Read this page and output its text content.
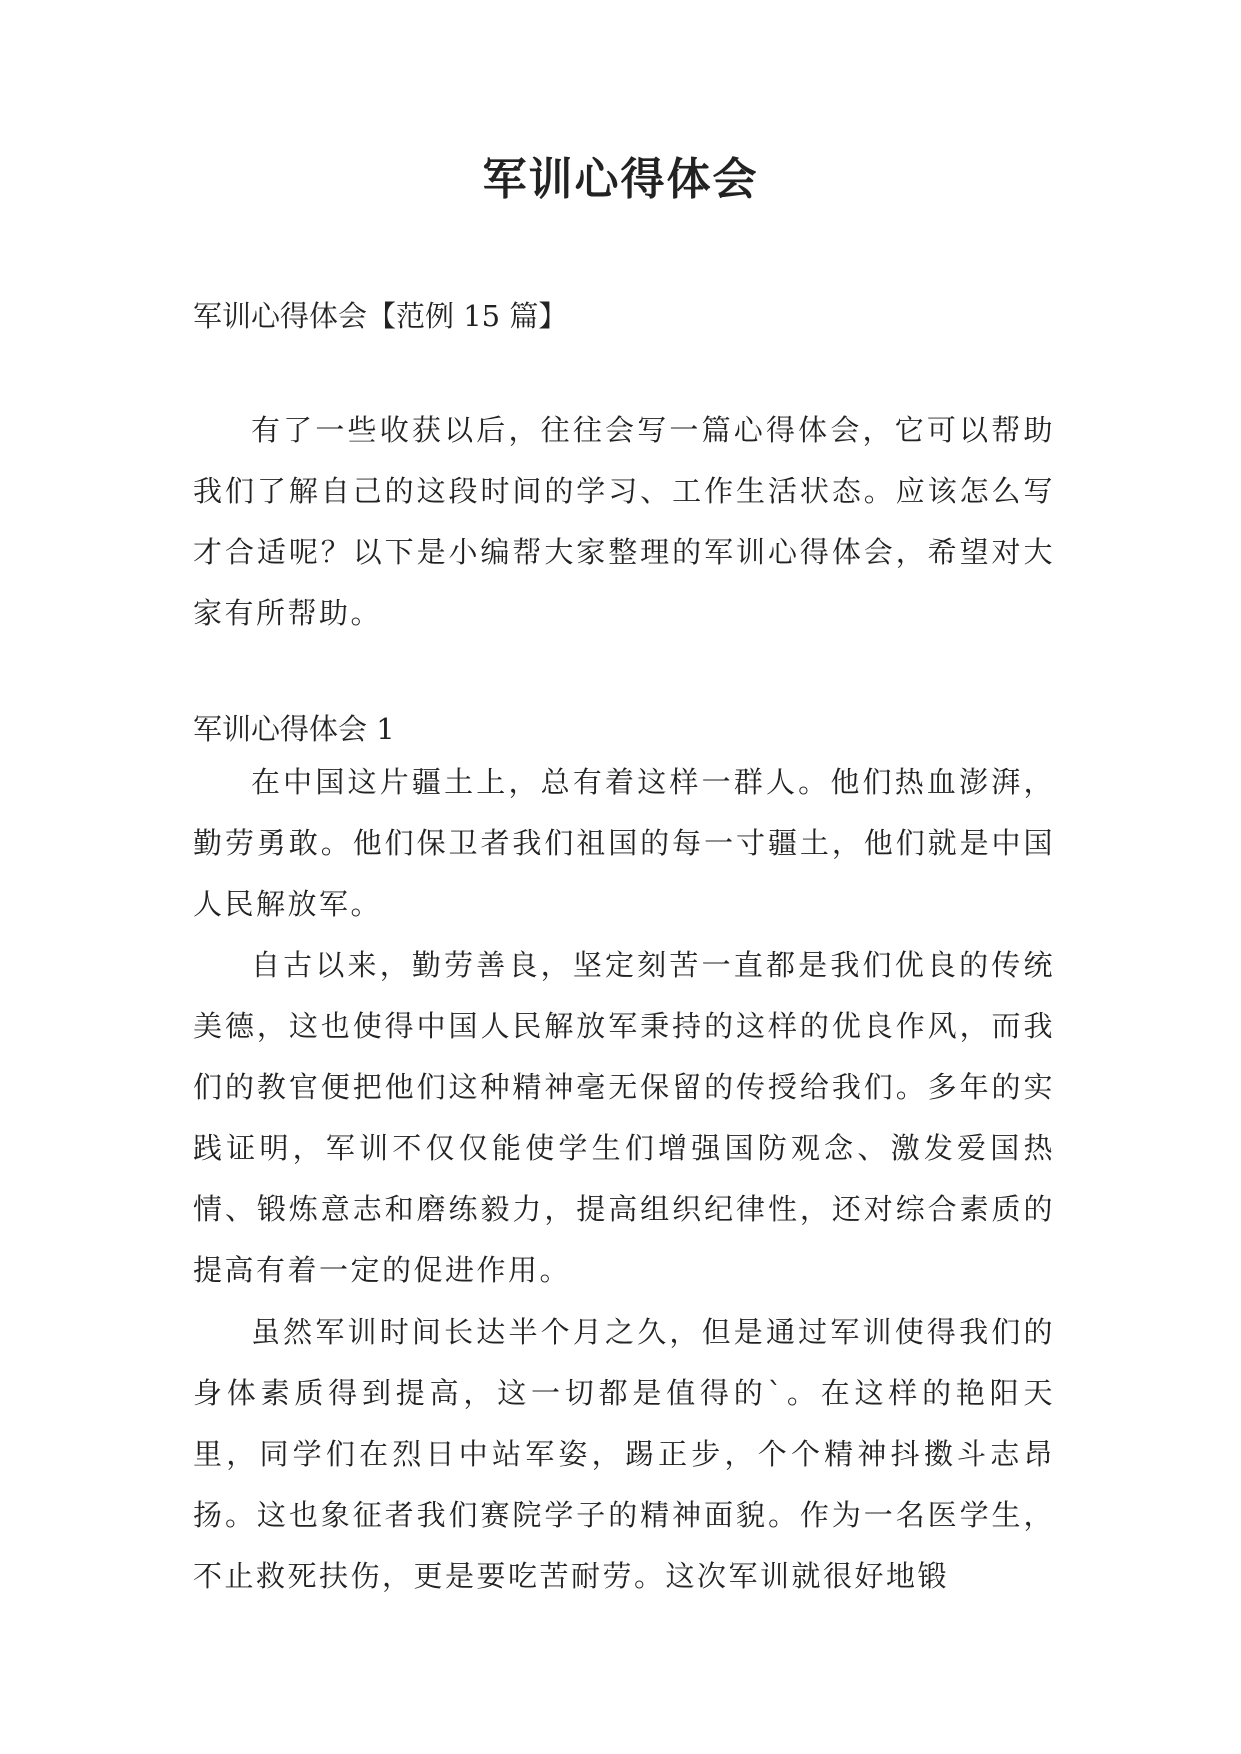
军训心得体会

军训心得体会【范例 15 篇】

有了一些收获以后，往往会写一篇心得体会，它可以帮助我们了解自己的这段时间的学习、工作生活状态。应该怎么写才合适呢？以下是小编帮大家整理的军训心得体会，希望对大家有所帮助。

军训心得体会 1

在中国这片疆土上，总有着这样一群人。他们热血澎湃，勤劳勇敢。他们保卫者我们祖国的每一寸疆土，他们就是中国人民解放军。

自古以来，勤劳善良，坚定刻苦一直都是我们优良的传统美德，这也使得中国人民解放军秉持的这样的优良作风，而我们的教官便把他们这种精神毫无保留的传授给我们。多年的实践证明，军训不仅仅能使学生们增强国防观念、激发爱国热情、锻炼意志和磨练毅力，提高组织纪律性，还对综合素质的提高有着一定的促进作用。

虽然军训时间长达半个月之久，但是通过军训使得我们的身体素质得到提高，这一切都是值得的`。在这样的艳阳天里，同学们在烈日中站军姿，踢正步，个个精神抖擞斗志昂扬。这也象征者我们赛院学子的精神面貌。作为一名医学生，不止救死扶伤，更是要吃苦耐劳。这次军训就很好地锻
